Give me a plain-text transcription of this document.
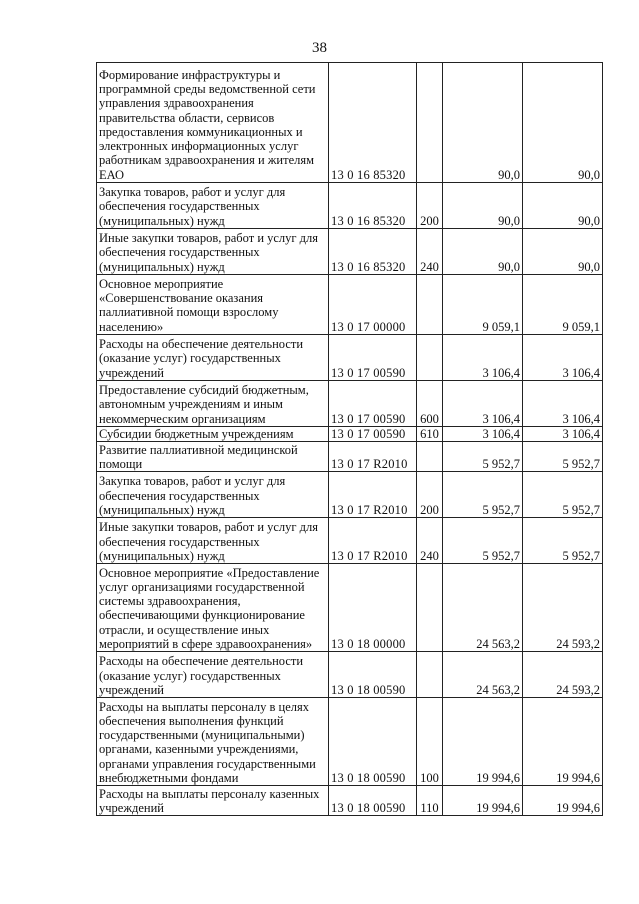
38
Формирование инфраструктуры и программной среды ведомственной сети управления здравоохранения правительства области, сервисов предоставления коммуникационных и электронных информационных услуг работникам здравоохранения и жителям ЕАО	13 0 16 85320		90,0	90,0

Закупка товаров, работ и услуг для обеспечения государственных (муниципальных) нужд	13 0 16 85320	200	90,0	90,0

Иные закупки товаров, работ и услуг для обеспечения государственных (муниципальных) нужд	13 0 16 85320	240	90,0	90,0

Основное мероприятие «Совершенствование оказания паллиативной помощи взрослому населению»	13 0 17 00000		9 059,1	9 059,1

Расходы на обеспечение деятельности (оказание услуг) государственных учреждений	13 0 17 00590		3 106,4	3 106,4

Предоставление субсидий бюджетным, автономным учреждениям и иным некоммерческим организациям	13 0 17 00590	600	3 106,4	3 106,4

Субсидии бюджетным учреждениям	13 0 17 00590	610	3 106,4	3 106,4

Развитие паллиативной медицинской помощи	13 0 17 R2010		5 952,7	5 952,7

Закупка товаров, работ и услуг для обеспечения государственных (муниципальных) нужд	13 0 17 R2010	200	5 952,7	5 952,7

Иные закупки товаров, работ и услуг для обеспечения государственных (муниципальных) нужд	13 0 17 R2010	240	5 952,7	5 952,7

Основное мероприятие «Предоставление услуг организациями государственной системы здравоохранения, обеспечивающими функционирование отрасли, и осуществление иных мероприятий в сфере здравоохранения»	13 0 18 00000		24 563,2	24 593,2

Расходы на обеспечение деятельности (оказание услуг) государственных учреждений	13 0 18 00590		24 563,2	24 593,2

Расходы на выплаты персоналу в целях обеспечения выполнения функций государственными (муниципальными) органами, казенными учреждениями, органами управления государственными внебюджетными фондами	13 0 18 00590	100	19 994,6	19 994,6

Расходы на выплаты персоналу казенных учреждений	13 0 18 00590	110	19 994,6	19 994,6
